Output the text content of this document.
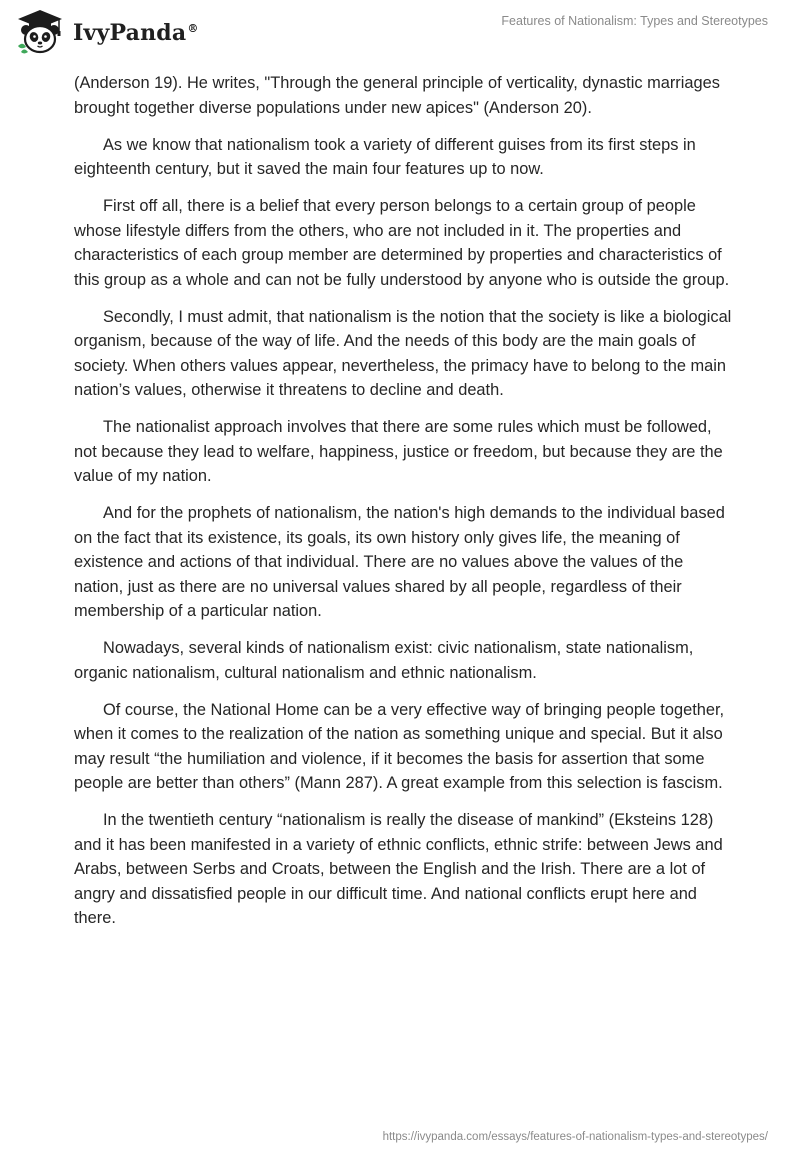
IvyPanda®
Features of Nationalism: Types and Stereotypes

(Anderson 19). He writes, "Through the general principle of verticality, dynastic marriages brought together diverse populations under new apices" (Anderson 20).

As we know that nationalism took a variety of different guises from its first steps in eighteenth century, but it saved the main four features up to now.

First off all, there is a belief that every person belongs to a certain group of people whose lifestyle differs from the others, who are not included in it. The properties and characteristics of each group member are determined by properties and characteristics of this group as a whole and can not be fully understood by anyone who is outside the group.

Secondly, I must admit, that nationalism is the notion that the society is like a biological organism, because of the way of life. And the needs of this body are the main goals of society. When others values appear, nevertheless, the primacy have to belong to the main nation’s values, otherwise it threatens to decline and death.

The nationalist approach involves that there are some rules which must be followed, not because they lead to welfare, happiness, justice or freedom, but because they are the value of my nation.

And for the prophets of nationalism, the nation's high demands to the individual based on the fact that its existence, its goals, its own history only gives life, the meaning of existence and actions of that individual. There are no values above the values of the nation, just as there are no universal values shared by all people, regardless of their membership of a particular nation.

Nowadays, several kinds of nationalism exist: civic nationalism, state nationalism, organic nationalism, cultural nationalism and ethnic nationalism.

Of course, the National Home can be a very effective way of bringing people together, when it comes to the realization of the nation as something unique and special. But it also may result “the humiliation and violence, if it becomes the basis for assertion that some people are better than others” (Mann 287). A great example from this selection is fascism.

In the twentieth century “nationalism is really the disease of mankind” (Eksteins 128) and it has been manifested in a variety of ethnic conflicts, ethnic strife: between Jews and Arabs, between Serbs and Croats, between the English and the Irish. There are a lot of angry and dissatisfied people in our difficult time. And national conflicts erupt here and there.

https://ivypanda.com/essays/features-of-nationalism-types-and-stereotypes/
